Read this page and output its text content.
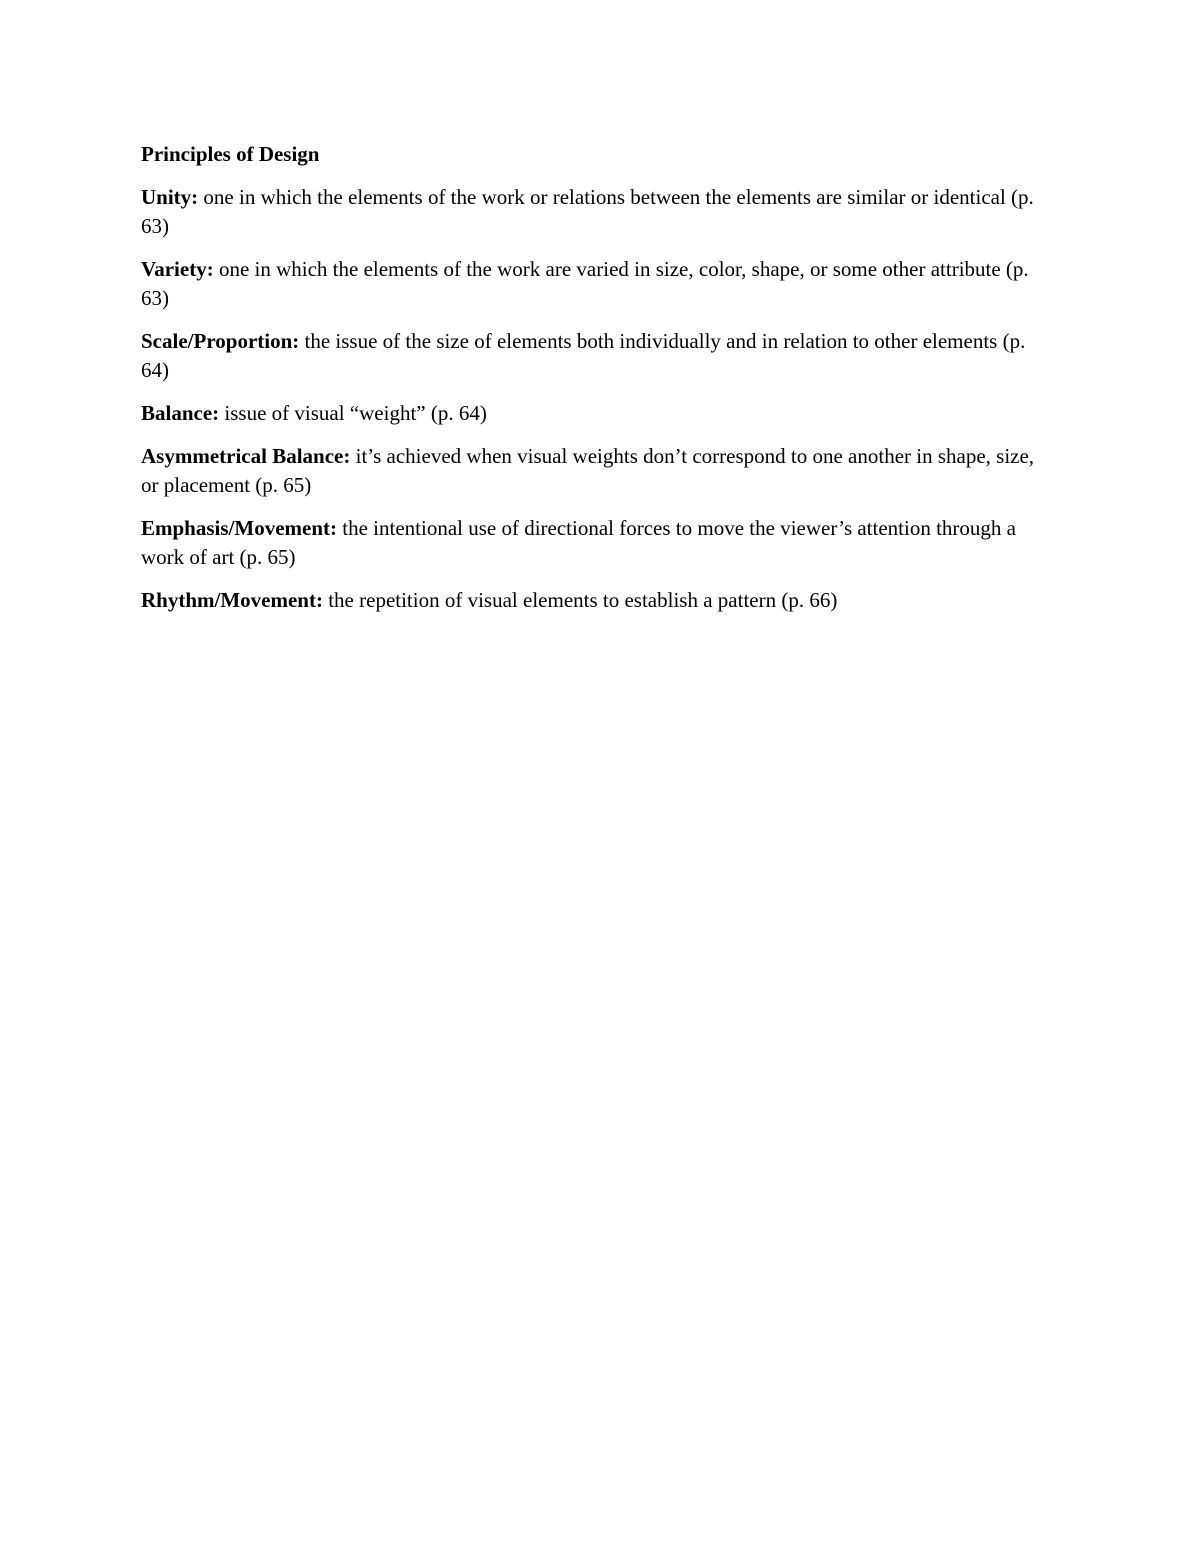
Principles of Design
Unity: one in which the elements of the work or relations between the elements are similar or identical (p. 63)
Variety: one in which the elements of the work are varied in size, color, shape, or some other attribute (p. 63)
Scale/Proportion: the issue of the size of elements both individually and in relation to other elements (p. 64)
Balance: issue of visual “weight” (p. 64)
Asymmetrical Balance: it’s achieved when visual weights don’t correspond to one another in shape, size, or placement (p. 65)
Emphasis/Movement: the intentional use of directional forces to move the viewer’s attention through a work of art (p. 65)
Rhythm/Movement: the repetition of visual elements to establish a pattern (p. 66)
